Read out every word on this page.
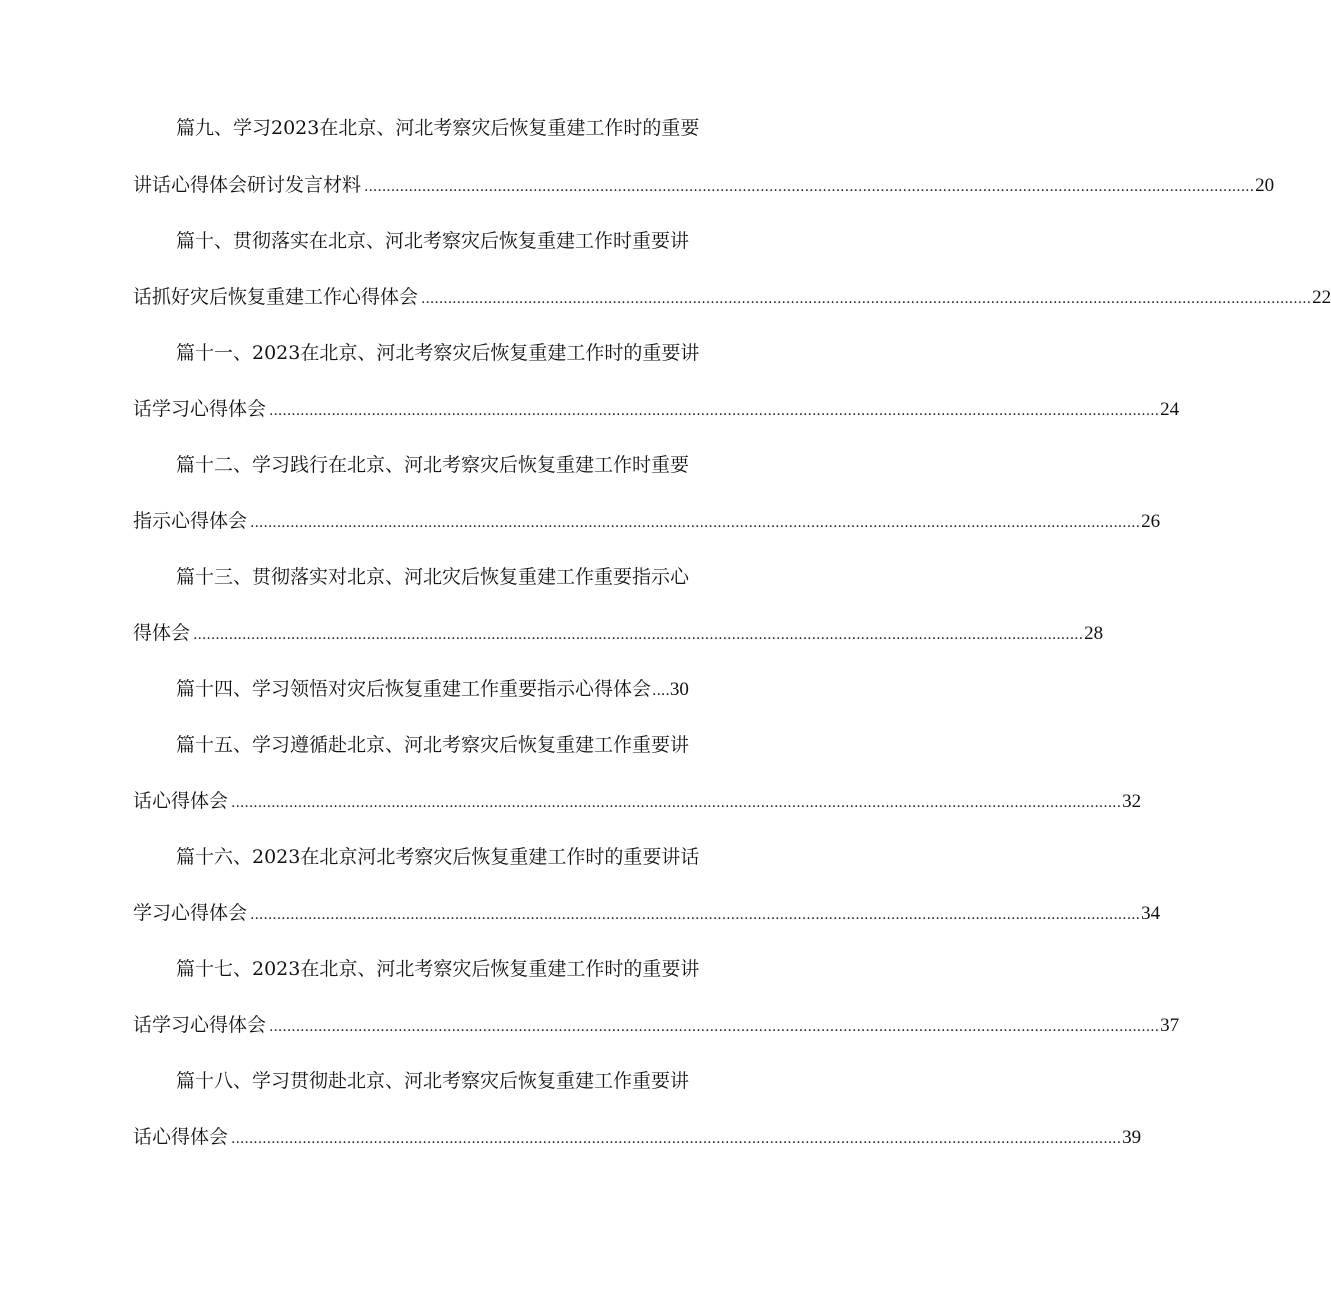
篇九、学习2023在北京、河北考察灾后恢复重建工作时的重要
讲话心得体会研讨发言材料 ........................................................................................................................................................................................................ 20
篇十、贯彻落实在北京、河北考察灾后恢复重建工作时重要讲
话抓好灾后恢复重建工作心得体会 ........................................................................................................................................................................................................ 22
篇十一、2023在北京、河北考察灾后恢复重建工作时的重要讲
话学习心得体会 ........................................................................................................................................................................................................ 24
篇十二、学习践行在北京、河北考察灾后恢复重建工作时重要
指示心得体会 ........................................................................................................................................................................................................ 26
篇十三、贯彻落实对北京、河北灾后恢复重建工作重要指示心
得体会 ........................................................................................................................................................................................................ 28
篇十四、学习领悟对灾后恢复重建工作重要指示心得体会 .... 30
篇十五、学习遵循赴北京、河北考察灾后恢复重建工作重要讲
话心得体会 ........................................................................................................................................................................................................ 32
篇十六、2023在北京河北考察灾后恢复重建工作时的重要讲话
学习心得体会 ........................................................................................................................................................................................................ 34
篇十七、2023在北京、河北考察灾后恢复重建工作时的重要讲
话学习心得体会 ........................................................................................................................................................................................................ 37
篇十八、学习贯彻赴北京、河北考察灾后恢复重建工作重要讲
话心得体会 ........................................................................................................................................................................................................ 39
